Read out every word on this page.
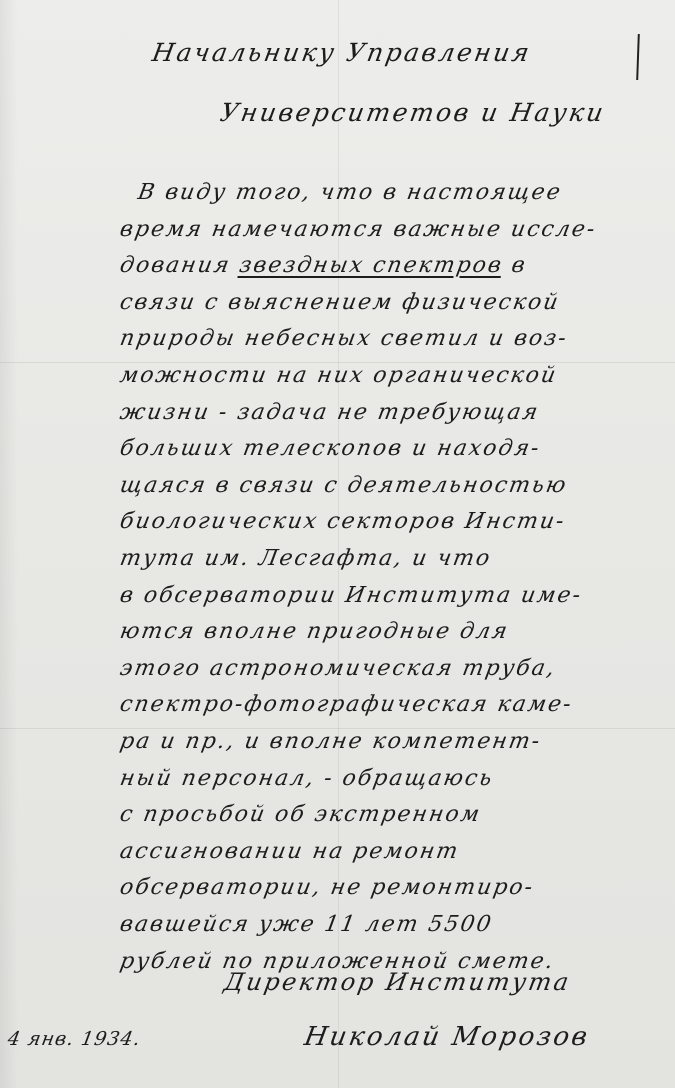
Начальнику Управления
Университетов и Науки
В виду того, что в настоящее
время намечаются важные иссле-
дования звездных спектров в
связи с выяснением физической
природы небесных светил и воз-
можности на них органической
жизни - задача не требующая
больших телескопов и находя-
щаяся в связи с деятельностью
биологических секторов Инсти-
тута им. Лесгафта, и что
в обсерватории Института име-
ются вполне пригодные для
этого астрономическая труба,
спектро-фотографическая каме-
ра и пр., и вполне компетент-
ный персонал, - обращаюсь
с просьбой об экстренном
ассигновании на ремонт
обсерватории, не ремонтиро-
вавшейся уже 11 лет 5500
рублей по приложенной смете.
Директор Института
Николай Морозов
4 янв. 1934.
